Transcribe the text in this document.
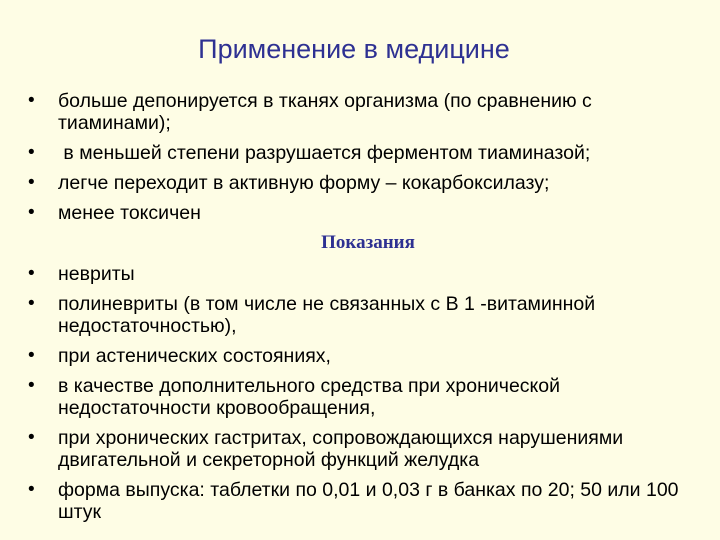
Применение в медицине
•	больше депонируется в тканях организма (по сравнению с тиаминами);
•	в меньшей степени разрушается ферментом тиаминазой;
•	легче переходит в активную форму – кокарбоксилазу;
•	менее токсичен
Показания
•	невриты
•	полиневриты (в том числе не связанных с В 1 -витаминной недостаточностью),
•	при астенических состояниях,
•	в качестве дополнительного средства при хронической недостаточности кровообращения,
•	при хронических гастритах, сопровождающихся нарушениями двигательной и секреторной функций желудка
•	форма выпуска: таблетки по 0,01 и 0,03 г в банках по 20; 50 или 100 штук
